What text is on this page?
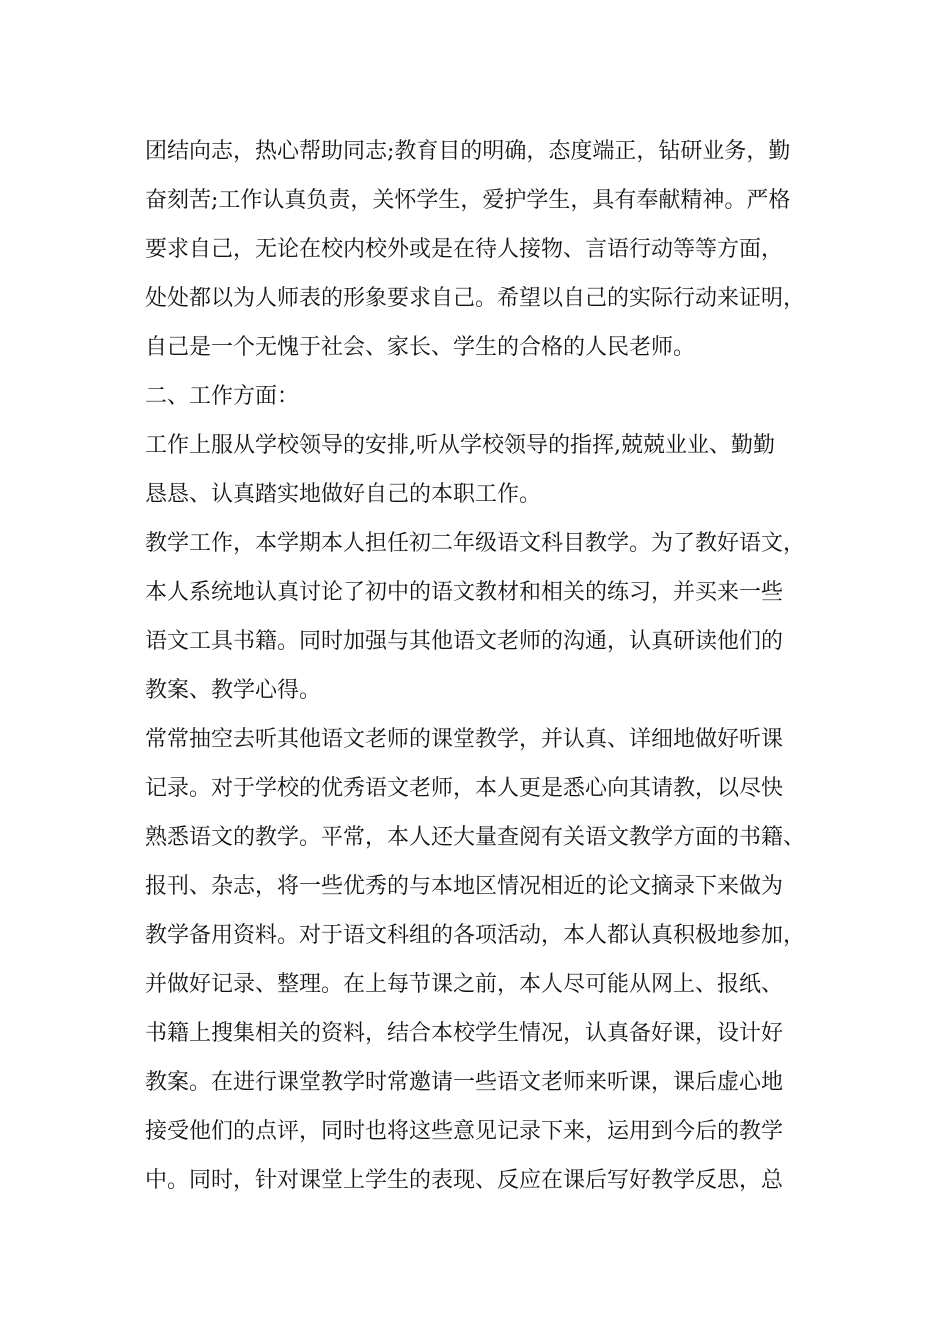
团结向志，热心帮助同志;教育目的明确，态度端正，钻研业务，勤
奋刻苦;工作认真负责，关怀学生，爱护学生，具有奉献精神。严格
要求自己，无论在校内校外或是在待人接物、言语行动等等方面，
处处都以为人师表的形象要求自己。希望以自己的实际行动来证明，
自己是一个无愧于社会、家长、学生的合格的人民老师。
二、工作方面：
工作上服从学校领导的安排,听从学校领导的指挥,兢兢业业、勤勤
恳恳、认真踏实地做好自己的本职工作。
教学工作，本学期本人担任初二年级语文科目教学。为了教好语文，
本人系统地认真讨论了初中的语文教材和相关的练习，并买来一些
语文工具书籍。同时加强与其他语文老师的沟通，认真研读他们的
教案、教学心得。
常常抽空去听其他语文老师的课堂教学，并认真、详细地做好听课
记录。对于学校的优秀语文老师，本人更是悉心向其请教，以尽快
熟悉语文的教学。平常，本人还大量查阅有关语文教学方面的书籍、
报刊、杂志，将一些优秀的与本地区情况相近的论文摘录下来做为
教学备用资料。对于语文科组的各项活动，本人都认真积极地参加，
并做好记录、整理。在上每节课之前，本人尽可能从网上、报纸、
书籍上搜集相关的资料，结合本校学生情况，认真备好课，设计好
教案。在进行课堂教学时常邀请一些语文老师来听课，课后虚心地
接受他们的点评，同时也将这些意见记录下来，运用到今后的教学
中。同时，针对课堂上学生的表现、反应在课后写好教学反思，总
